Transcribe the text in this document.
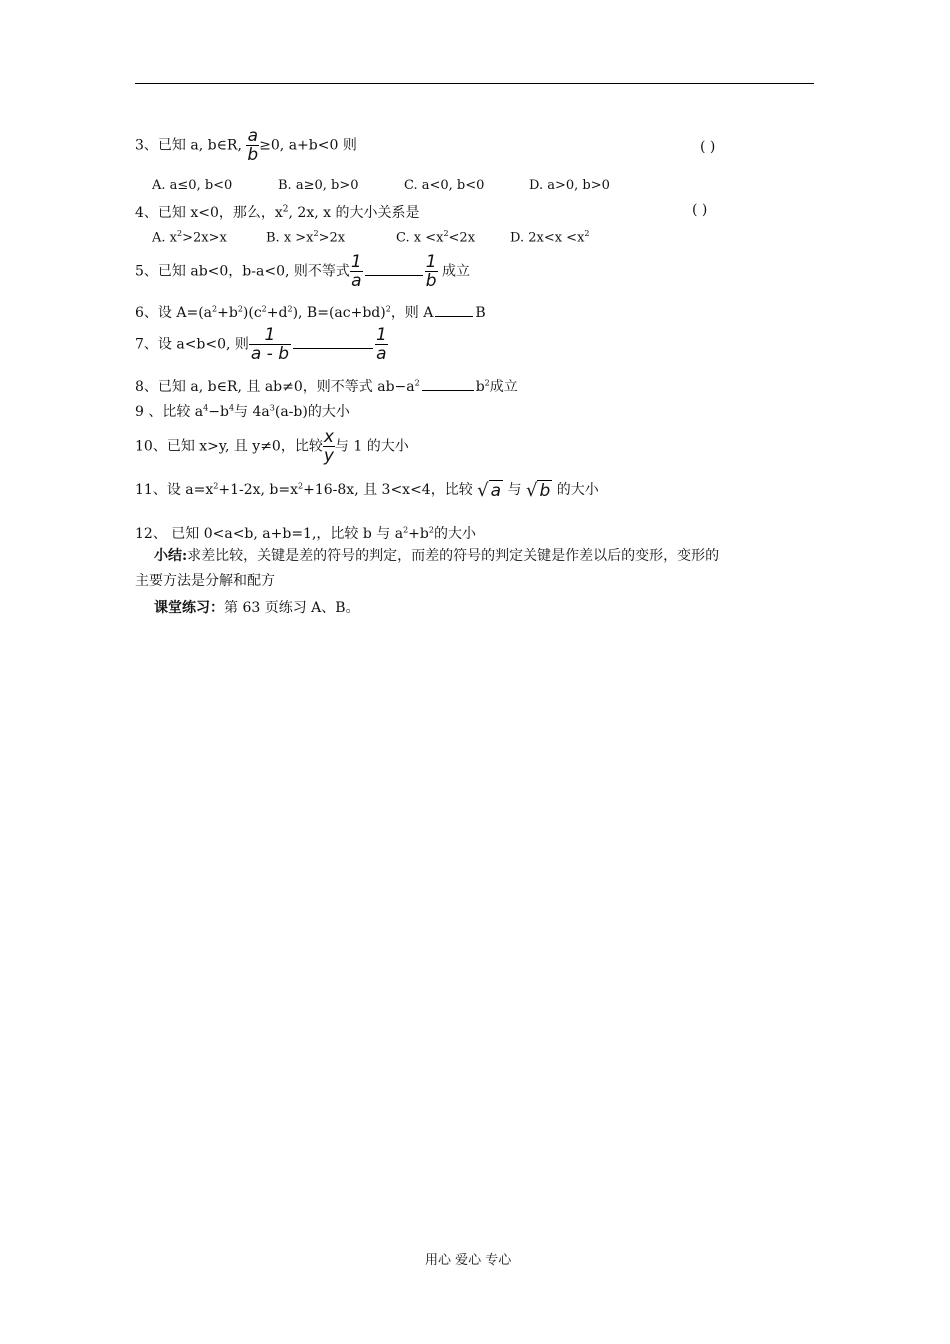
3、已知 a, b∈R, $\frac{a}{b} \ge 0$, a+b<0 则	( )
A. a≤0, b<0	B. a≥0, b>0	C. a<0, b<0	D. a>0, b>0
4、已知 x<0，那么，$x^2$, 2x, x 的大小关系是	( )
A. $x^2>2x>x$	B. $x >x^2>2x$	C. $x <x^2<2x$	D. $2x<x <x^2$
5、已知 ab<0，b-a<0, 则不等式 $\frac{1}{a}$	$\frac{1}{b}$ 成立
6、设 $A=(a^2+b^2)(c^2+d^2)$, $B=(ac+bd)^2$，则 A	B
7、设 a<b<0, 则 $\frac{1}{a - b}$	$\frac{1}{a}$
8、已知 a, b∈R, 且 ab≠0，则不等式 $ab-a^2$	$b^2$成立
9 、比较 $a^4-b^4$与 $4a^3(a-b)$的大小
10、已知 x>y, 且 y≠0，比较 $\frac{x}{y}$ 与 1 的大小
11、设 $a=x^2+1-2x$, $b=x^2+16-8x$, 且 3<x<4，比较 √ a 与 √ b 的大小
12、 已知 0<a<b, a+b=1,，比较 b 与 $a^2+b^2$的大小
小结:求差比较，关键是差的符号的判定，而差的符号的判定关键是作差以后的变形，变形的
主要方法是分解和配方
课堂练习：第 63 页练习 A、B。
用心 爱心 专心
